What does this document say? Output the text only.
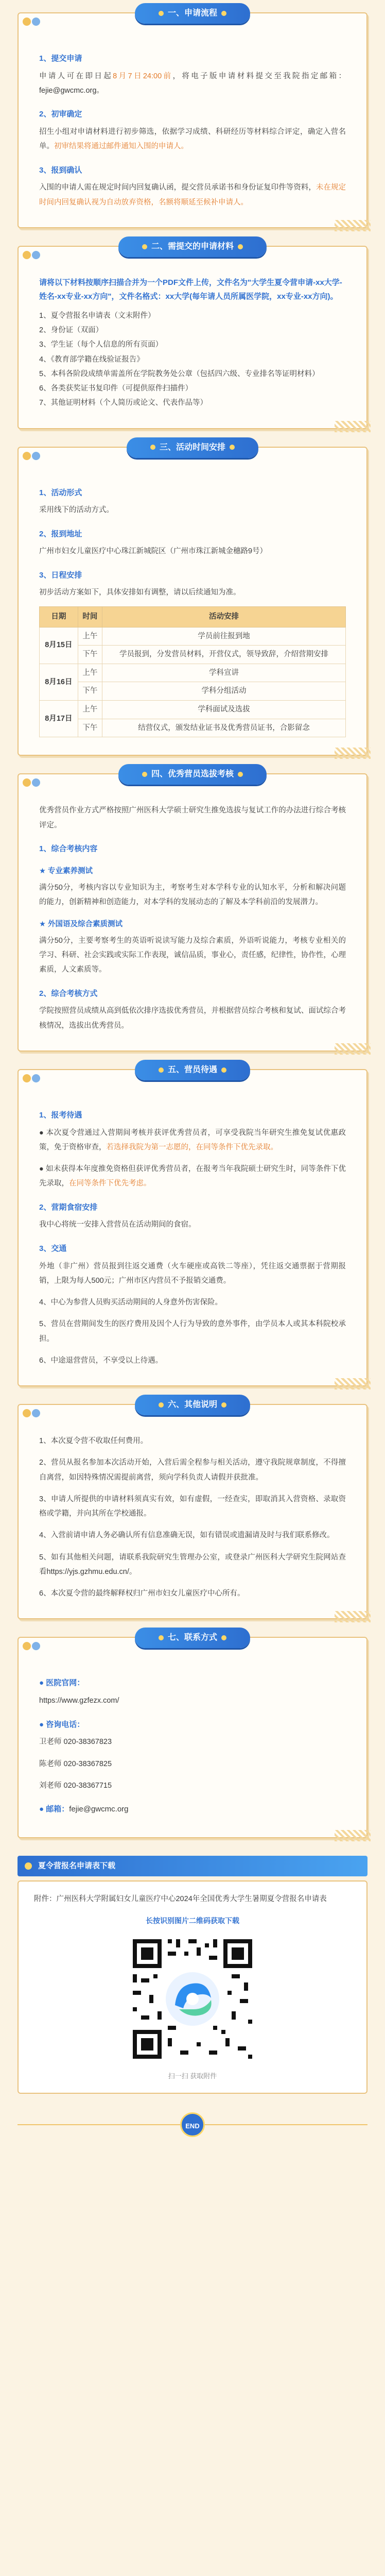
一、申请流程
1、提交申请
申请人可在即日起8月7日24:00前，将电子版申请材料提交至我院指定邮箱：fejie@gwcmc.org。
2、初审确定
招生小组对申请材料进行初步筛选，依据学习成绩、科研经历等材料综合评定，确定入营名单。初审结果将通过邮件通知入围的申请人。
3、报到确认
入围的申请人需在规定时间内回复确认函，提交营员承诺书和身份证复印件等资料，未在规定时间内回复确认视为自动放弃资格，名额将顺延至候补申请人。
二、需提交的申请材料
请将以下材料按顺序扫描合并为一个PDF文件上传，文件名为"大学生夏令营申请-xx大学-姓名-xx专业-xx方向"，文件名格式：xx大学(每年请人员所属医学院，xx专业-xx方向)。
1、夏令营报名申请表（文末附件）
2、身份证（双面）
3、学生证（每个人信息的所有页面）
4、《教育部学籍在线验证报告》
5、本科各阶段成绩单需盖所在学院教务处公章（包括四六级、专业排名等证明材料）
6、各类获奖证书复印件（可提供原件扫描件）
7、其他证明材料（个人简历或论文、代表作品等）
三、活动时间安排
1、活动形式
采用线下的活动方式。
2、报到地址
广州市妇女儿童医疗中心珠江新城院区（广州市珠江新城金穗路9号）
3、日程安排
初步活动方案如下，具体安排如有调整，请以后续通知为准。
日期	时间	活动安排
8月15日	上午	学员前往报到地
	下午	学员报到，分发营员材料，开营仪式，领导致辞，介绍营期安排
8月16日	上午	学科宣讲
	下午	学科分组活动
8月17日	上午	学科面试及选拔
	下午	结营仪式，颁发结业证书及优秀营员证书，合影留念
四、优秀营员选拔考核
优秀营员作业方式严格按照广州医科大学硕士研究生推免选拔与复试工作的办法进行综合考核评定。
1、综合考核内容
★ 专业素养测试
满分50分，考核内容以专业知识为主，考察考生对本学科专业的认知水平，分析和解决问题的能力，创新精神和创造能力，对本学科的发展动态的了解及本学科前沿的发展潜力。
★ 外国语及综合素质测试
满分50分，主要考察考生的英语听说读写能力及综合素质，外语听说能力，考核专业相关的学习、科研、社会实践或实际工作表现，诚信品质，事业心，责任感，纪律性，协作性，心理素质，人文素质等。
2、综合考核方式
学院按照营员成绩从高到低依次排序选拔优秀营员，并根据营员综合考核和复试、面试综合考核情况，选拔出优秀营员。
五、营员待遇
1、报考待遇
● 本次夏令营通过入营期间考核并获评优秀营员者，可享受我院当年研究生推免复试优惠政策，免于资格审查，若选择我院为第一志愿的，在同等条件下优先录取。
● 如未获得本年度推免资格但获评优秀营员者，在报考当年我院硕士研究生时，同等条件下优先录取，在同等条件下优先考虑。
2、营期食宿安排
我中心将统一安排入营营员在活动期间的食宿。
3、交通
外地（非广州）营员报到往返交通费（火车硬座或高铁二等座），凭往返交通票据于营期报销，上限为每人500元；广州市区内营员不予报销交通费。
4、中心为参营人员购买活动期间的人身意外伤害保险。
5、营员在营期间发生的医疗费用及因个人行为导致的意外事件，由学员本人或其本科院校承担。
6、中途退营营员，不享受以上待遇。
六、其他说明
1、本次夏令营不收取任何费用。
2、营员从报名参加本次活动开始，入营后需全程参与相关活动，遵守我院规章制度，不得擅自离营，如因特殊情况需提前离营，须向学科负责人请假并获批准。
3、申请人所提供的申请材料须真实有效，如有虚假，一经查实，即取消其入营资格、录取资格或学籍，并向其所在学校通报。
4、入营前请申请人务必确认所有信息准确无误，如有错误或遗漏请及时与我们联系修改。
5、如有其他相关问题，请联系我院研究生管理办公室，或登录广州医科大学研究生院网站查看https://yjs.gzhmu.edu.cn/。
6、本次夏令营的最终解释权归广州市妇女儿童医疗中心所有。
七、联系方式
● 医院官网：
https://www.gzfezx.com/
● 咨询电话：
卫老师 020-38367823
陈老师 020-38367825
刘老师 020-38367715
● 邮箱：fejie@gwcmc.org
夏令营报名申请表下载
附件：广州医科大学附属妇女儿童医疗中心2024年全国优秀大学生暑期夏令营报名申请表
长按识别图片二维码获取下载
扫一扫 获取附件
END
